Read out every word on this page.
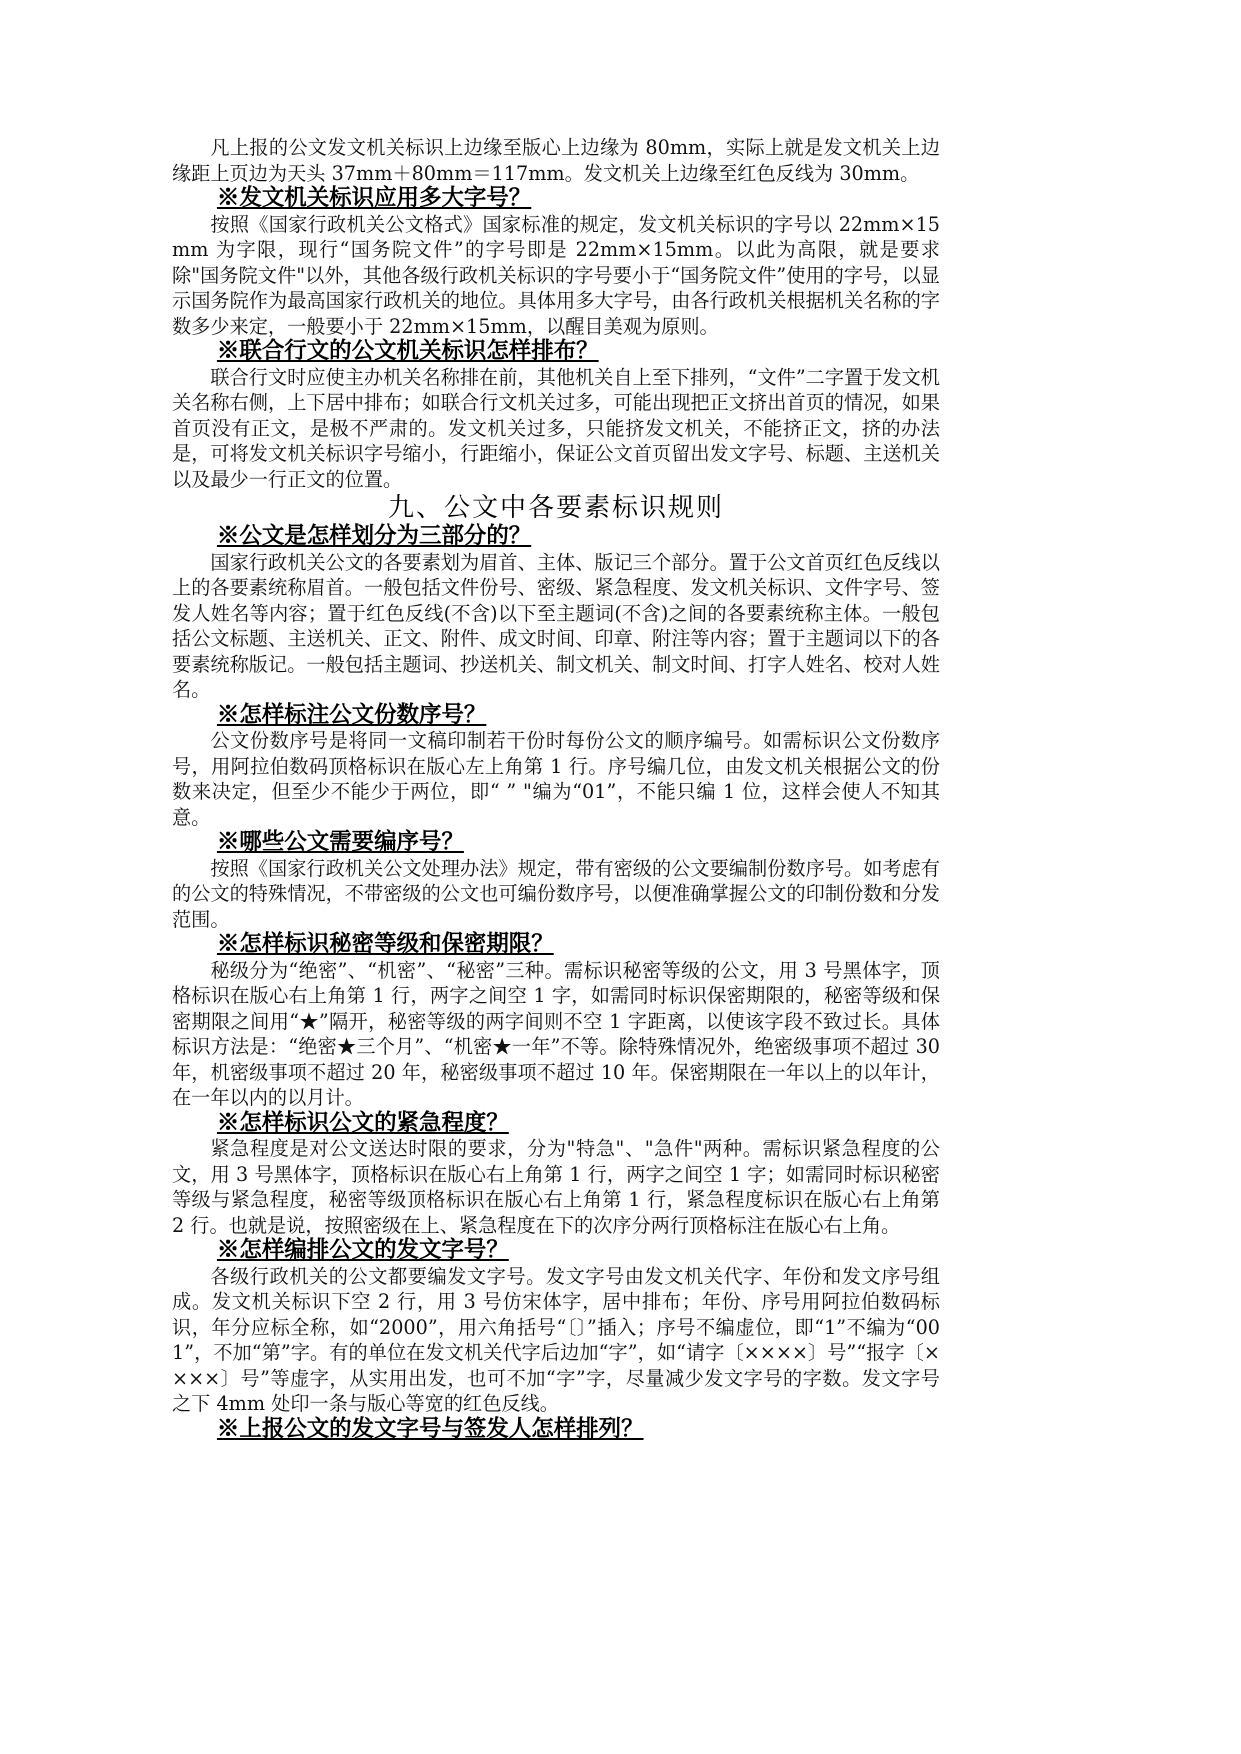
凡上报的公文发文机关标识上边缘至版心上边缘为 80mm，实际上就是发文机关上边缘距上页边为天头 37mm＋80mm＝117mm。发文机关上边缘至红色反线为 30mm。

※发文机关标识应用多大字号？

按照《国家行政机关公文格式》国家标准的规定，发文机关标识的字号以 22mm×15mm 为字限，现行“国务院文件”的字号即是 22mm×15mm。以此为高限，就是要求除"国务院文件"以外，其他各级行政机关标识的字号要小于“国务院文件”使用的字号，以显示国务院作为最高国家行政机关的地位。具体用多大字号，由各行政机关根据机关名称的字数多少来定，一般要小于 22mm×15mm，以醒目美观为原则。

※联合行文的公文机关标识怎样排布？

联合行文时应使主办机关名称排在前，其他机关自上至下排列，“文件”二字置于发文机关名称右侧，上下居中排布；如联合行文机关过多，可能出现把正文挤出首页的情况，如果首页没有正文，是极不严肃的。发文机关过多，只能挤发文机关，不能挤正文，挤的办法是，可将发文机关标识字号缩小，行距缩小，保证公文首页留出发文字号、标题、主送机关以及最少一行正文的位置。

九、公文中各要素标识规则
※公文是怎样划分为三部分的？

国家行政机关公文的各要素划为眉首、主体、版记三个部分。置于公文首页红色反线以上的各要素统称眉首。一般包括文件份号、密级、紧急程度、发文机关标识、文件字号、签发人姓名等内容；置于红色反线(不含)以下至主题词(不含)之间的各要素统称主体。一般包括公文标题、主送机关、正文、附件、成文时间、印章、附注等内容；置于主题词以下的各要素统称版记。一般包括主题词、抄送机关、制文机关、制文时间、打字人姓名、校对人姓名。

※怎样标注公文份数序号？

公文份数序号是将同一文稿印制若干份时每份公文的顺序编号。如需标识公文份数序号，用阿拉伯数码顶格标识在版心左上角第 1 行。序号编几位，由发文机关根据公文的份数来决定，但至少不能少于两位，即“ ” "编为“01”，不能只编 1 位，这样会使人不知其意。

※哪些公文需要编序号？

按照《国家行政机关公文处理办法》规定，带有密级的公文要编制份数序号。如考虑有的公文的特殊情况，不带密级的公文也可编份数序号，以便准确掌握公文的印制份数和分发范围。

※怎样标识秘密等级和保密期限？

秘级分为“绝密”、“机密”、“秘密”三种。需标识秘密等级的公文，用 3 号黑体字，顶格标识在版心右上角第 1 行，两字之间空 1 字，如需同时标识保密期限的，秘密等级和保密期限之间用“★”隔开，秘密等级的两字间则不空 1 字距离，以使该字段不致过长。具体标识方法是：“绝密★三个月”、“机密★一年”不等。除特殊情况外，绝密级事项不超过 30 年，机密级事项不超过 20 年，秘密级事项不超过 10 年。保密期限在一年以上的以年计，在一年以内的以月计。

※怎样标识公文的紧急程度？

紧急程度是对公文送达时限的要求，分为"特急"、"急件"两种。需标识紧急程度的公文，用 3 号黑体字，顶格标识在版心右上角第 1 行，两字之间空 1 字；如需同时标识秘密等级与紧急程度，秘密等级顶格标识在版心右上角第 1 行，紧急程度标识在版心右上角第 2 行。也就是说，按照密级在上、紧急程度在下的次序分两行顶格标注在版心右上角。

※怎样编排公文的发文字号？

各级行政机关的公文都要编发文字号。发文字号由发文机关代字、年份和发文序号组成。发文机关标识下空 2 行，用 3 号仿宋体字，居中排布；年份、序号用阿拉伯数码标识，年分应标全称，如“2000”，用六角括号“〔〕”插入；序号不编虚位，即“1”不编为“001”，不加“第”字。有的单位在发文机关代字后边加“字”，如“请字〔××××〕号”“报字〔××××〕号”等虚字，从实用出发，也可不加“字”字，尽量减少发文字号的字数。发文字号之下 4mm 处印一条与版心等宽的红色反线。

※上报公文的发文字号与签发人怎样排列？
